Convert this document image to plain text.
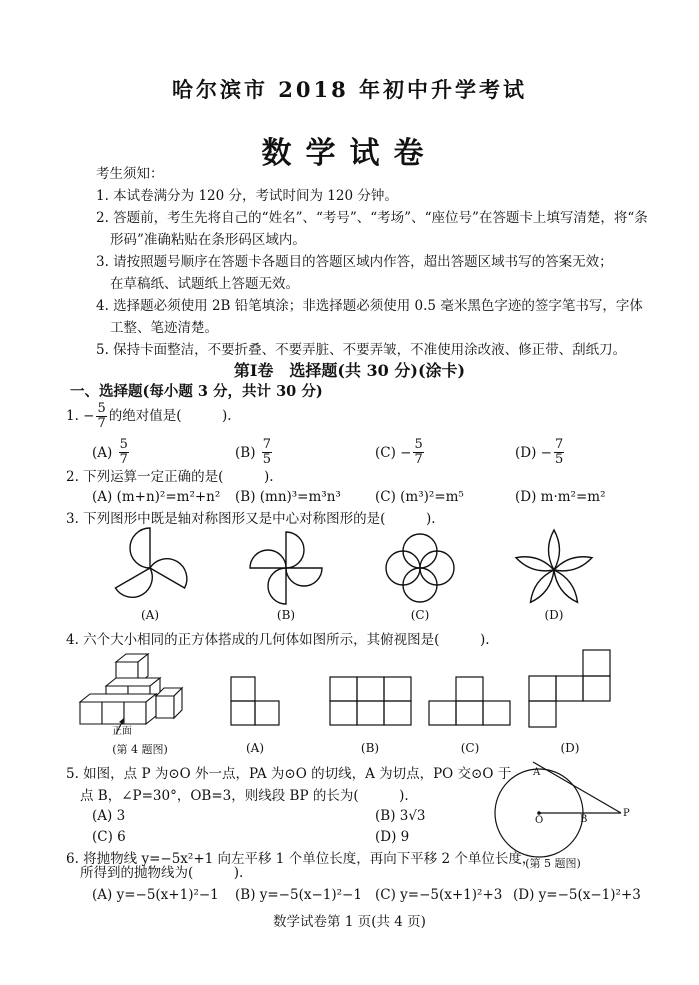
哈尔滨市 2018 年初中升学考试
数学试卷
考生须知：
1. 本试卷满分为 120 分，考试时间为 120 分钟。
2. 答题前，考生先将自己的“姓名”、“考号”、“考场”、“座位号”在答题卡上填写清楚，将“条
形码”准确粘贴在条形码区域内。
3. 请按照题号顺序在答题卡各题目的答题区域内作答，超出答题区域书写的答案无效；
在草稿纸、试题纸上答题无效。
4. 选择题必须使用 2B 铅笔填涂；非选择题必须使用 0.5 毫米黑色字迹的签字笔书写，字体
工整、笔迹清楚。
5. 保持卡面整洁，不要折叠、不要弄脏、不要弄皱，不准使用涂改液、修正带、刮纸刀。
第Ⅰ卷　选择题(共 30 分)(涂卡)
一、选择题(每小题 3 分，共计 30 分)
1. − $\frac{5}{7}$ 的绝对值是(　　　).
(A)
$\frac{5}{7}$	(B)
$\frac{7}{5}$	(C)
− $\frac{5}{7}$	(D)
− $\frac{7}{5}$
2. 下列运算一定正确的是(　　　).
(A) (m+n)²=m²+n² (B) (mn)³=m³n³	(C) (m³)²=m⁵	(D) m·m²=m²
3. 下列图形中既是轴对称图形又是中心对称图形的是(　　　).
(A)	(B)	(C)	(D)
4. 六个大小相同的正方体搭成的几何体如图所示，其俯视图是(　　　).
正面
(第 4 题图)	(A)	(B)	(C)	(D)
5. 如图，点 P 为⊙O 外一点，PA 为⊙O 的切线，A 为切点，PO 交⊙O 于
点 B，∠P=30°，OB=3，则线段 BP 的长为(　　　).
(A) 3	(B) 3√3
(C) 6	(D) 9
A
O	B
P
(第 5 题图)
6. 将抛物线 y=−5x²+1 向左平移 1 个单位长度，再向下平移 2 个单位长度，
所得到的抛物线为(　　　).
(A) y=−5(x+1)²−1 (B) y=−5(x−1)²−1 (C) y=−5(x+1)²+3 (D) y=−5(x−1)²+3
数学试卷第 1 页(共 4 页)
